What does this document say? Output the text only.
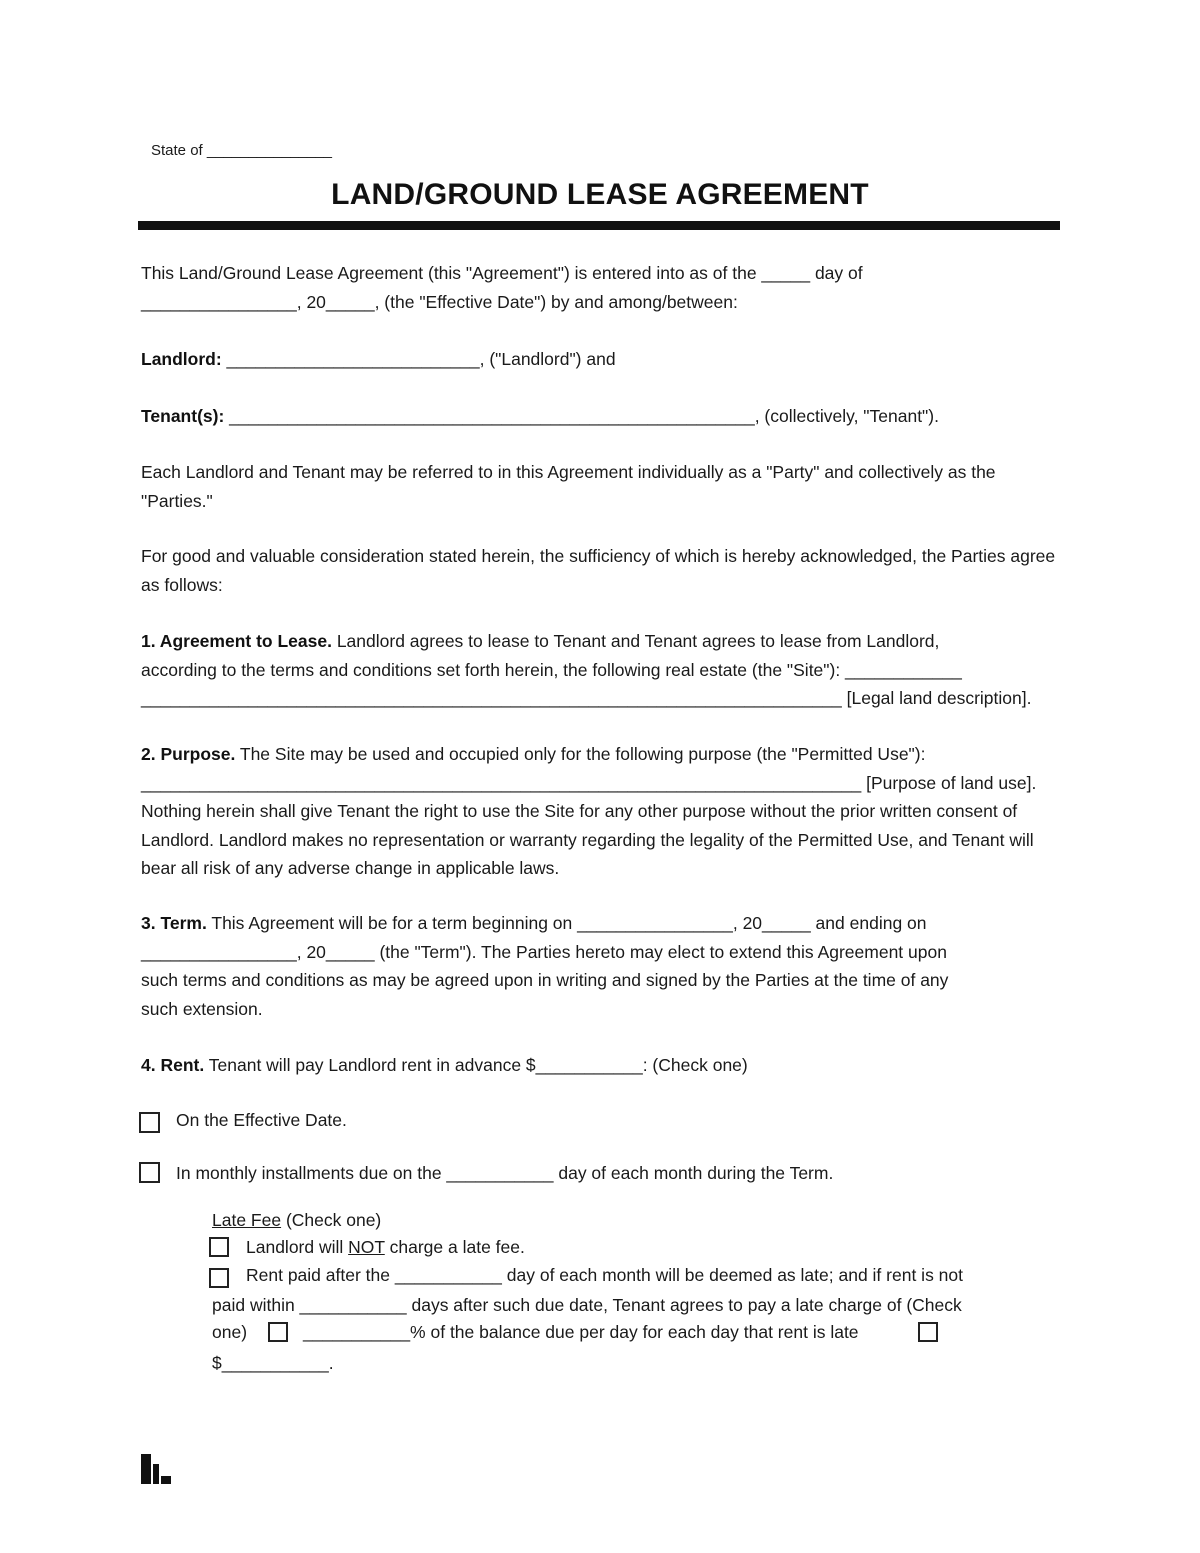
State of _______________
LAND/GROUND LEASE AGREEMENT
This Land/Ground Lease Agreement (this "Agreement") is entered into as of the _____ day of
________________, 20_____, (the "Effective Date") by and among/between:
Landlord: __________________________, ("Landlord") and
Tenant(s): ______________________________________________________, (collectively, "Tenant").
Each Landlord and Tenant may be referred to in this Agreement individually as a "Party" and collectively as the "Parties."
For good and valuable consideration stated herein, the sufficiency of which is hereby acknowledged, the Parties agree as follows:
1. Agreement to Lease. Landlord agrees to lease to Tenant and Tenant agrees to lease from Landlord,
according to the terms and conditions set forth herein, the following real estate (the "Site"): ____________
________________________________________________________________________ [Legal land description].
2. Purpose. The Site may be used and occupied only for the following purpose (the "Permitted Use"):
__________________________________________________________________________ [Purpose of land use].
Nothing herein shall give Tenant the right to use the Site for any other purpose without the prior written consent of Landlord. Landlord makes no representation or warranty regarding the legality of the Permitted Use, and Tenant will bear all risk of any adverse change in applicable laws.
3. Term. This Agreement will be for a term beginning on ________________, 20_____ and ending on
________________, 20_____ (the "Term"). The Parties hereto may elect to extend this Agreement upon
such terms and conditions as may be agreed upon in writing and signed by the Parties at the time of any
such extension.
4. Rent. Tenant will pay Landlord rent in advance $___________: (Check one)
On the Effective Date.
In monthly installments due on the ___________ day of each month during the Term.
Late Fee (Check one)
Landlord will NOT charge a late fee.
Rent paid after the ___________ day of each month will be deemed as late; and if rent is not
paid within ___________ days after such due date, Tenant agrees to pay a late charge of (Check
one)	___________% of the balance due per day for each day that rent is late
$___________.
